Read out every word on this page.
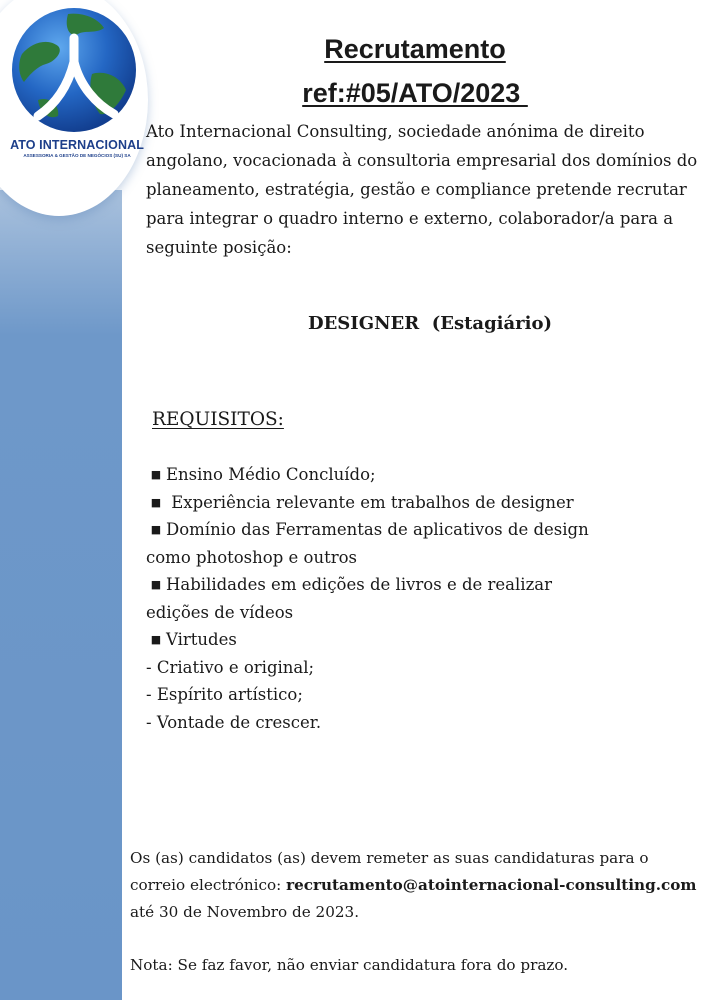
ATO INTERNACIONAL
ASSESSORIA & GESTÃO DE NEGÓCIOS (SU) SA
Recrutamento
ref:#05/ATO/2023

Ato Internacional Consulting, sociedade anónima de direito angolano, vocacionada à consultoria empresarial dos domínios do planeamento, estratégia, gestão e compliance pretende recrutar para integrar o quadro interno e externo, colaborador/a para a seguinte posição:

DESIGNER  (Estagiário)

REQUISITOS:
■ Ensino Médio Concluído;
■ Experiência relevante em trabalhos de designer
■ Domínio das Ferramentas de aplicativos de design como photoshop e outros
■ Habilidades em edições de livros e de realizar edições de vídeos
■ Virtudes
- Criativo e original;
- Espírito artístico;
- Vontade de crescer.

Os (as) candidatos (as) devem remeter as suas candidaturas para o correio electrónico: recrutamento@atointernacional-consulting.com
até 30 de Novembro de 2023.

Nota: Se faz favor, não enviar candidatura fora do prazo.
